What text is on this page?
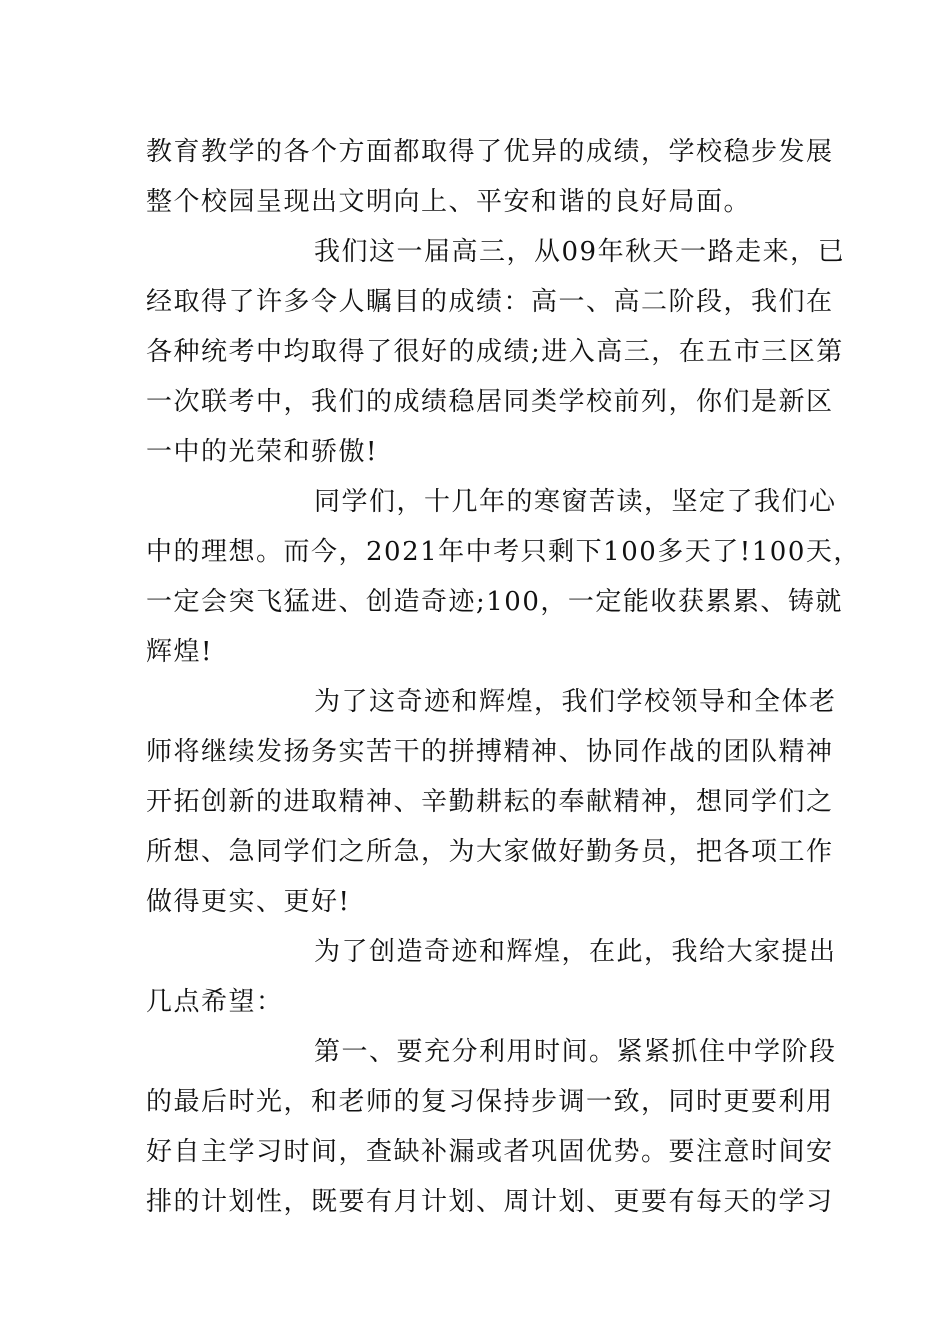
教育教学的各个方面都取得了优异的成绩，学校稳步发展
整个校园呈现出文明向上、平安和谐的良好局面。
我们这一届高三，从09年秋天一路走来，已
经取得了许多令人瞩目的成绩：高一、高二阶段，我们在
各种统考中均取得了很好的成绩;进入高三，在五市三区第
一次联考中，我们的成绩稳居同类学校前列，你们是新区
一中的光荣和骄傲!
同学们，十几年的寒窗苦读，坚定了我们心
中的理想。而今，2021年中考只剩下100多天了!100天，
一定会突飞猛进、创造奇迹;100，一定能收获累累、铸就
辉煌!
为了这奇迹和辉煌，我们学校领导和全体老
师将继续发扬务实苦干的拼搏精神、协同作战的团队精神
开拓创新的进取精神、辛勤耕耘的奉献精神，想同学们之
所想、急同学们之所急，为大家做好勤务员，把各项工作
做得更实、更好!
为了创造奇迹和辉煌，在此，我给大家提出
几点希望：
第一、要充分利用时间。紧紧抓住中学阶段
的最后时光，和老师的复习保持步调一致，同时更要利用
好自主学习时间，查缺补漏或者巩固优势。要注意时间安
排的计划性，既要有月计划、周计划、更要有每天的学习
